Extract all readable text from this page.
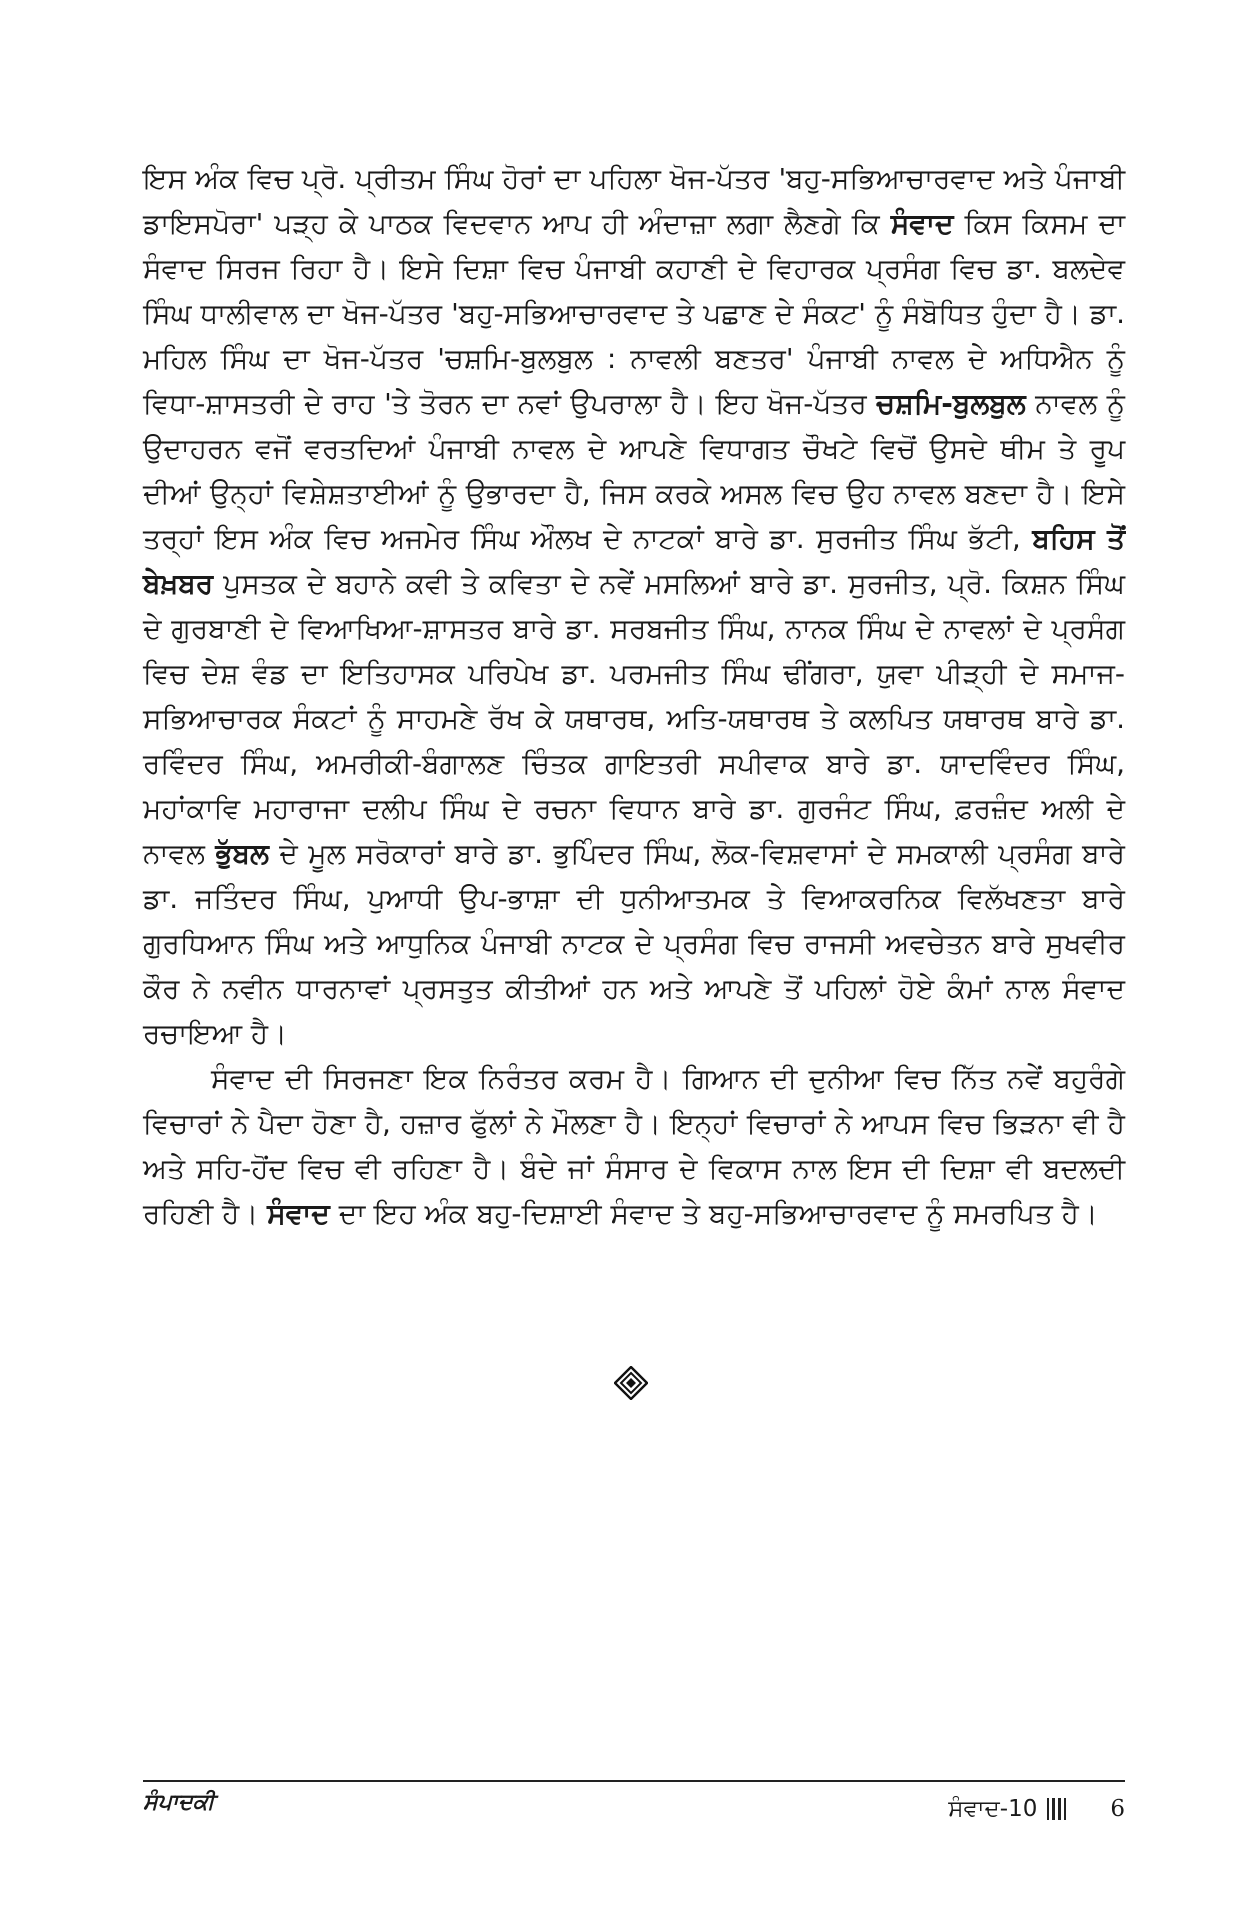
ਇਸ ਅੰਕ ਵਿਚ ਪ੍ਰੋ. ਪ੍ਰੀਤਮ ਸਿੰਘ ਹੋਰਾਂ ਦਾ ਪਹਿਲਾ ਖੋਜ-ਪੱਤਰ 'ਬਹੁ-ਸਭਿਆਚਾਰਵਾਦ ਅਤੇ ਪੰਜਾਬੀ ਡਾਇਸਪੋਰਾ' ਪੜ੍ਹ ਕੇ ਪਾਠਕ ਵਿਦਵਾਨ ਆਪ ਹੀ ਅੰਦਾਜ਼ਾ ਲਗਾ ਲੈਣਗੇ ਕਿ ਸੰਵਾਦ ਕਿਸ ਕਿਸਮ ਦਾ ਸੰਵਾਦ ਸਿਰਜ ਰਿਹਾ ਹੈ। ਇਸੇ ਦਿਸ਼ਾ ਵਿਚ ਪੰਜਾਬੀ ਕਹਾਣੀ ਦੇ ਵਿਹਾਰਕ ਪ੍ਰਸੰਗ ਵਿਚ ਡਾ. ਬਲਦੇਵ ਸਿੰਘ ਧਾਲੀਵਾਲ ਦਾ ਖੋਜ-ਪੱਤਰ 'ਬਹੁ-ਸਭਿਆਚਾਰਵਾਦ ਤੇ ਪਛਾਣ ਦੇ ਸੰਕਟ' ਨੂੰ ਸੰਬੋਧਿਤ ਹੁੰਦਾ ਹੈ। ਡਾ. ਮਹਿਲ ਸਿੰਘ ਦਾ ਖੋਜ-ਪੱਤਰ 'ਚਸ਼ਮਿ-ਬੁਲਬੁਲ : ਨਾਵਲੀ ਬਣਤਰ' ਪੰਜਾਬੀ ਨਾਵਲ ਦੇ ਅਧਿਐਨ ਨੂੰ ਵਿਧਾ-ਸ਼ਾਸਤਰੀ ਦੇ ਰਾਹ 'ਤੇ ਤੋਰਨ ਦਾ ਨਵਾਂ ਉਪਰਾਲਾ ਹੈ। ਇਹ ਖੋਜ-ਪੱਤਰ ਚਸ਼ਮਿ-ਬੁਲਬੁਲ ਨਾਵਲ ਨੂੰ ਉਦਾਹਰਨ ਵਜੋਂ ਵਰਤਦਿਆਂ ਪੰਜਾਬੀ ਨਾਵਲ ਦੇ ਆਪਣੇ ਵਿਧਾਗਤ ਚੌਖਟੇ ਵਿਚੋਂ ਉਸਦੇ ਥੀਮ ਤੇ ਰੂਪ ਦੀਆਂ ਉਨ੍ਹਾਂ ਵਿਸ਼ੇਸ਼ਤਾਈਆਂ ਨੂੰ ਉਭਾਰਦਾ ਹੈ, ਜਿਸ ਕਰਕੇ ਅਸਲ ਵਿਚ ਉਹ ਨਾਵਲ ਬਣਦਾ ਹੈ। ਇਸੇ ਤਰ੍ਹਾਂ ਇਸ ਅੰਕ ਵਿਚ ਅਜਮੇਰ ਸਿੰਘ ਔਲਖ ਦੇ ਨਾਟਕਾਂ ਬਾਰੇ ਡਾ. ਸੁਰਜੀਤ ਸਿੰਘ ਭੱਟੀ, ਬਹਿਸ ਤੋਂ ਬੇਖ਼ਬਰ ਪੁਸਤਕ ਦੇ ਬਹਾਨੇ ਕਵੀ ਤੇ ਕਵਿਤਾ ਦੇ ਨਵੇਂ ਮਸਲਿਆਂ ਬਾਰੇ ਡਾ. ਸੁਰਜੀਤ, ਪ੍ਰੋ. ਕਿਸ਼ਨ ਸਿੰਘ ਦੇ ਗੁਰਬਾਣੀ ਦੇ ਵਿਆਖਿਆ-ਸ਼ਾਸਤਰ ਬਾਰੇ ਡਾ. ਸਰਬਜੀਤ ਸਿੰਘ, ਨਾਨਕ ਸਿੰਘ ਦੇ ਨਾਵਲਾਂ ਦੇ ਪ੍ਰਸੰਗ ਵਿਚ ਦੇਸ਼ ਵੰਡ ਦਾ ਇਤਿਹਾਸਕ ਪਰਿਪੇਖ ਡਾ. ਪਰਮਜੀਤ ਸਿੰਘ ਢੀਂਗਰਾ, ਯੁਵਾ ਪੀੜ੍ਹੀ ਦੇ ਸਮਾਜ-ਸਭਿਆਚਾਰਕ ਸੰਕਟਾਂ ਨੂੰ ਸਾਹਮਣੇ ਰੱਖ ਕੇ ਯਥਾਰਥ, ਅਤਿ-ਯਥਾਰਥ ਤੇ ਕਲਪਿਤ ਯਥਾਰਥ ਬਾਰੇ ਡਾ. ਰਵਿੰਦਰ ਸਿੰਘ, ਅਮਰੀਕੀ-ਬੰਗਾਲਣ ਚਿੰਤਕ ਗਾਇਤਰੀ ਸਪੀਵਾਕ ਬਾਰੇ ਡਾ. ਯਾਦਵਿੰਦਰ ਸਿੰਘ, ਮਹਾਂਕਾਵਿ ਮਹਾਰਾਜਾ ਦਲੀਪ ਸਿੰਘ ਦੇ ਰਚਨਾ ਵਿਧਾਨ ਬਾਰੇ ਡਾ. ਗੁਰਜੰਟ ਸਿੰਘ, ਫ਼ਰਜ਼ੰਦ ਅਲੀ ਦੇ ਨਾਵਲ ਭੁੱਬਲ ਦੇ ਮੂਲ ਸਰੋਕਾਰਾਂ ਬਾਰੇ ਡਾ. ਭੁਪਿੰਦਰ ਸਿੰਘ, ਲੋਕ-ਵਿਸ਼ਵਾਸਾਂ ਦੇ ਸਮਕਾਲੀ ਪ੍ਰਸੰਗ ਬਾਰੇ ਡਾ. ਜਤਿੰਦਰ ਸਿੰਘ, ਪੁਆਧੀ ਉਪ-ਭਾਸ਼ਾ ਦੀ ਧੁਨੀਆਤਮਕ ਤੇ ਵਿਆਕਰਨਿਕ ਵਿਲੱਖਣਤਾ ਬਾਰੇ ਗੁਰਧਿਆਨ ਸਿੰਘ ਅਤੇ ਆਧੁਨਿਕ ਪੰਜਾਬੀ ਨਾਟਕ ਦੇ ਪ੍ਰਸੰਗ ਵਿਚ ਰਾਜਸੀ ਅਵਚੇਤਨ ਬਾਰੇ ਸੁਖਵੀਰ ਕੌਰ ਨੇ ਨਵੀਨ ਧਾਰਨਾਵਾਂ ਪ੍ਰਸਤੁਤ ਕੀਤੀਆਂ ਹਨ ਅਤੇ ਆਪਣੇ ਤੋਂ ਪਹਿਲਾਂ ਹੋਏ ਕੰਮਾਂ ਨਾਲ ਸੰਵਾਦ ਰਚਾਇਆ ਹੈ।

ਸੰਵਾਦ ਦੀ ਸਿਰਜਣਾ ਇਕ ਨਿਰੰਤਰ ਕਰਮ ਹੈ। ਗਿਆਨ ਦੀ ਦੁਨੀਆ ਵਿਚ ਨਿੱਤ ਨਵੇਂ ਬਹੁਰੰਗੇ ਵਿਚਾਰਾਂ ਨੇ ਪੈਦਾ ਹੋਣਾ ਹੈ, ਹਜ਼ਾਰ ਫੁੱਲਾਂ ਨੇ ਮੌਲਣਾ ਹੈ। ਇਨ੍ਹਾਂ ਵਿਚਾਰਾਂ ਨੇ ਆਪਸ ਵਿਚ ਭਿੜਨਾ ਵੀ ਹੈ ਅਤੇ ਸਹਿ-ਹੋਂਦ ਵਿਚ ਵੀ ਰਹਿਣਾ ਹੈ। ਬੰਦੇ ਜਾਂ ਸੰਸਾਰ ਦੇ ਵਿਕਾਸ ਨਾਲ ਇਸ ਦੀ ਦਿਸ਼ਾ ਵੀ ਬਦਲਦੀ ਰਹਿਣੀ ਹੈ। ਸੰਵਾਦ ਦਾ ਇਹ ਅੰਕ ਬਹੁ-ਦਿਸ਼ਾਈ ਸੰਵਾਦ ਤੇ ਬਹੁ-ਸਭਿਆਚਾਰਵਾਦ ਨੂੰ ਸਮਰਪਿਤ ਹੈ।

ਸੰਪਾਦਕੀ	ਸੰਵਾਦ-10	6
